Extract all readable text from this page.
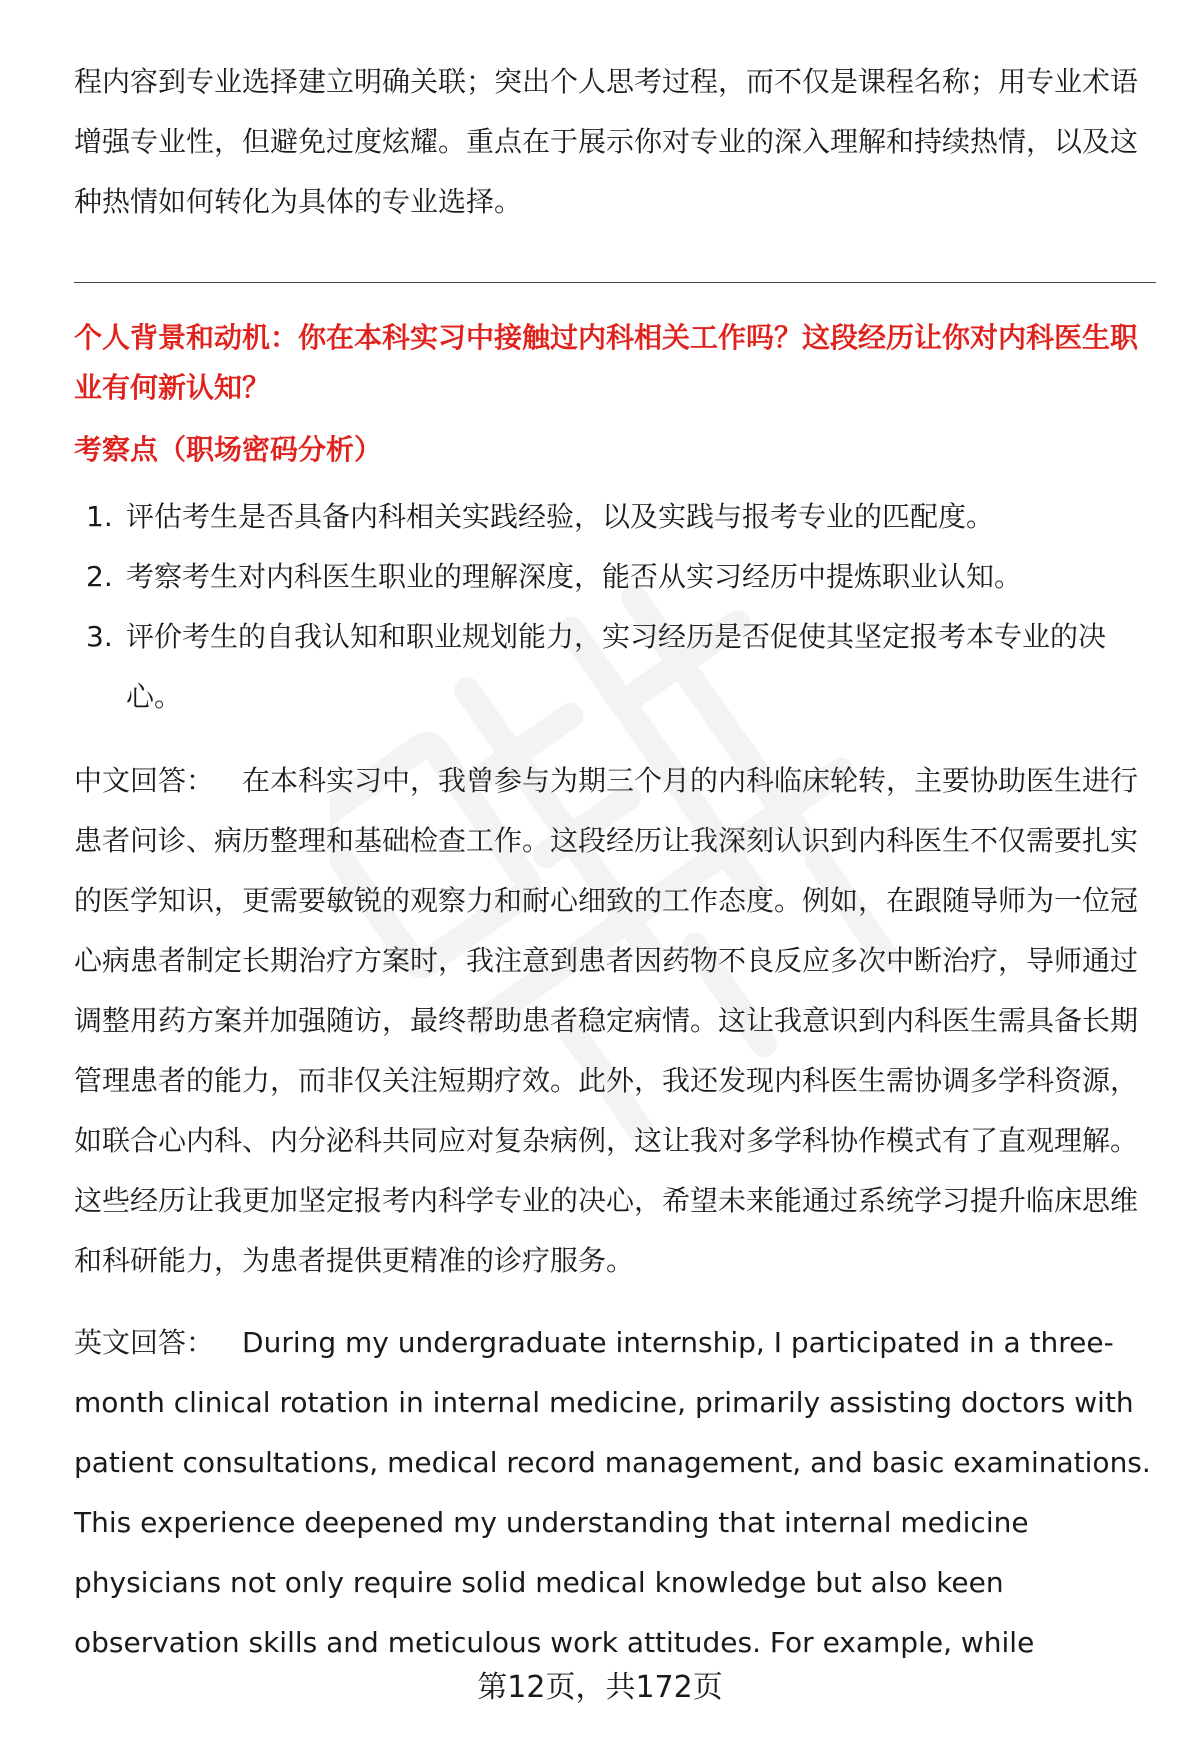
程内容到专业选择建立明确关联；突出个人思考过程，而不仅是课程名称；用专业术语增强专业性，但避免过度炫耀。重点在于展示你对专业的深入理解和持续热情，以及这种热情如何转化为具体的专业选择。

个人背景和动机：你在本科实习中接触过内科相关工作吗？这段经历让你对内科医生职业有何新认知？

考察点（职场密码分析）

1. 评估考生是否具备内科相关实践经验，以及实践与报考专业的匹配度。
2. 考察考生对内科医生职业的理解深度，能否从实习经历中提炼职业认知。
3. 评价考生的自我认知和职业规划能力，实习经历是否促使其坚定报考本专业的决心。

中文回答： 在本科实习中，我曾参与为期三个月的内科临床轮转，主要协助医生进行患者问诊、病历整理和基础检查工作。这段经历让我深刻认识到内科医生不仅需要扎实的医学知识，更需要敏锐的观察力和耐心细致的工作态度。例如，在跟随导师为一位冠心病患者制定长期治疗方案时，我注意到患者因药物不良反应多次中断治疗，导师通过调整用药方案并加强随访，最终帮助患者稳定病情。这让我意识到内科医生需具备长期管理患者的能力，而非仅关注短期疗效。此外，我还发现内科医生需协调多学科资源，如联合心内科、内分泌科共同应对复杂病例，这让我对多学科协作模式有了直观理解。这些经历让我更加坚定报考内科学专业的决心，希望未来能通过系统学习提升临床思维和科研能力，为患者提供更精准的诊疗服务。

英文回答： During my undergraduate internship, I participated in a three-month clinical rotation in internal medicine, primarily assisting doctors with patient consultations, medical record management, and basic examinations. This experience deepened my understanding that internal medicine physicians not only require solid medical knowledge but also keen observation skills and meticulous work attitudes. For example, while

第12页，共172页
